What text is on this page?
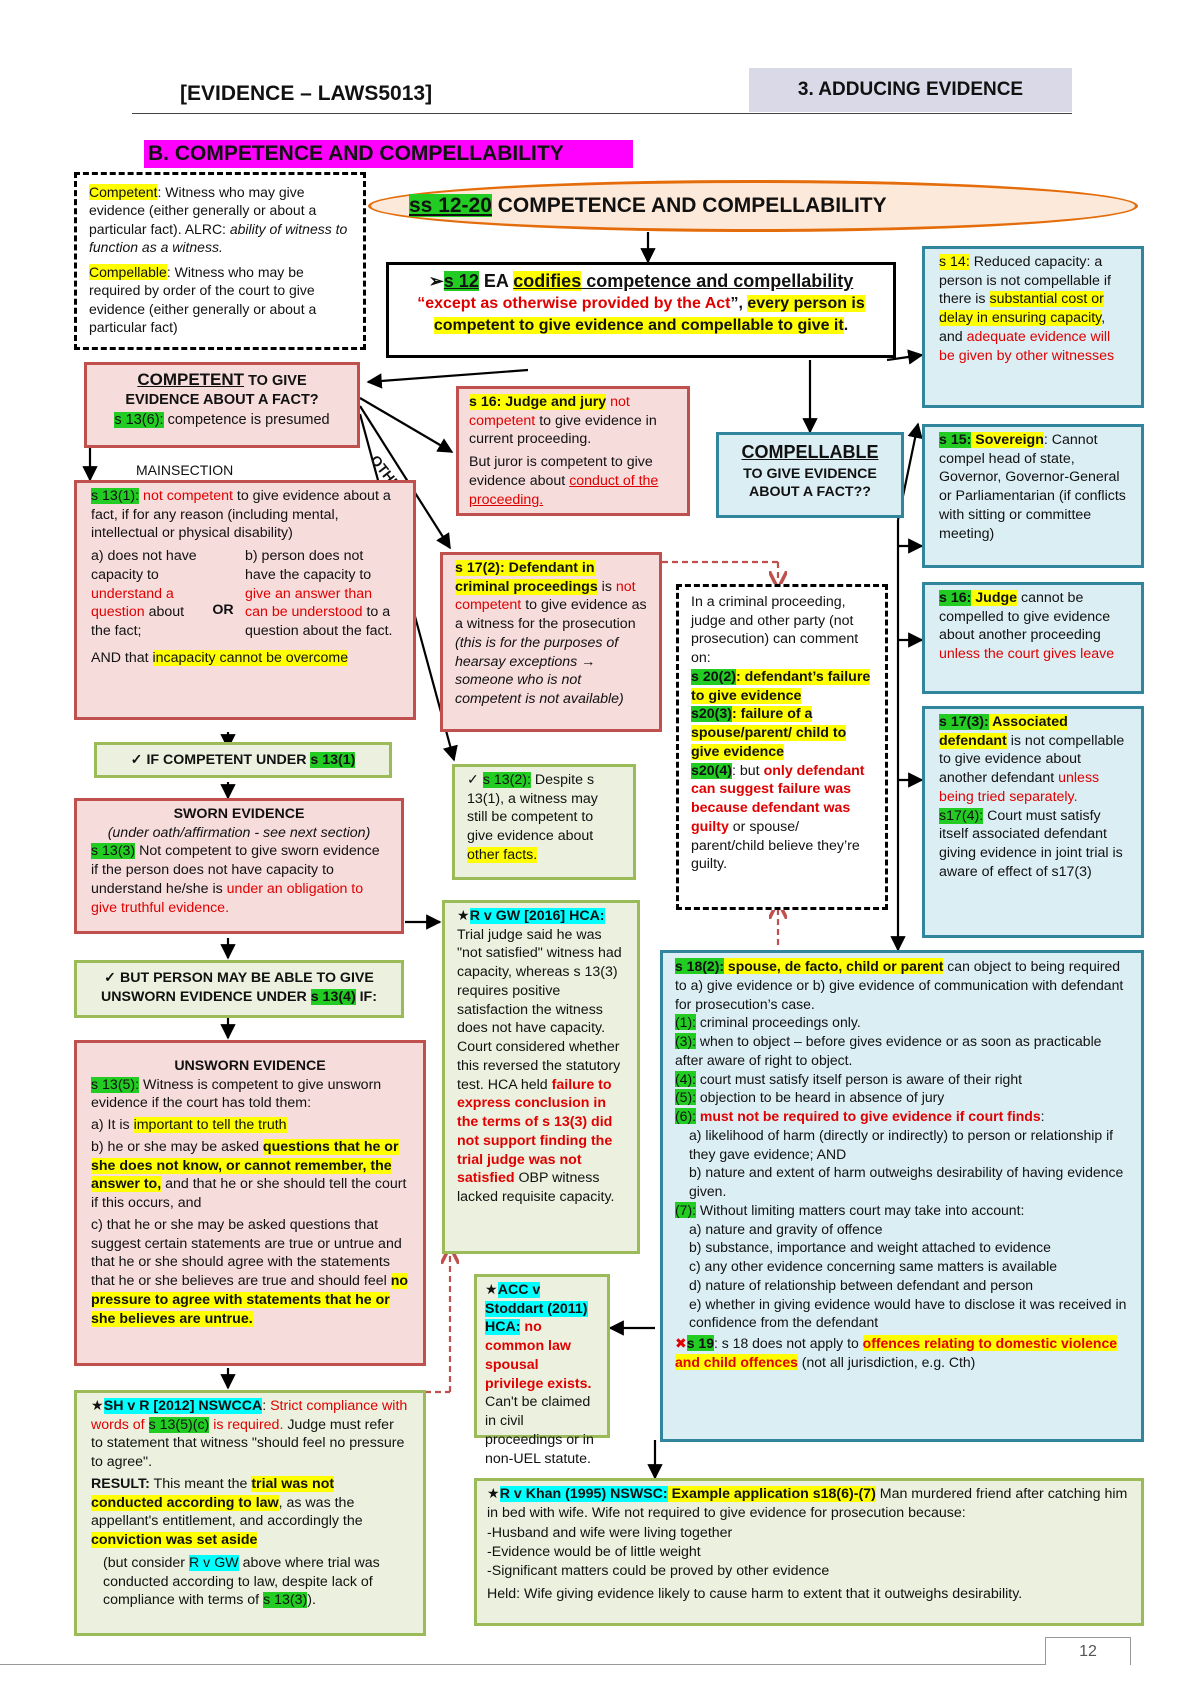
[EVIDENCE – LAWS5013]	3. ADDUCING EVIDENCE
B. COMPETENCE AND COMPELLABILITY

Competent: Witness who may give evidence (either generally or about a particular fact). ALRC: ability of witness to function as a witness.

Compellable: Witness who may be required by order of the court to give evidence (either generally or about a particular fact)

ss 12-20 COMPETENCE AND COMPELLABILITY

➢s 12 EA codifies competence and compellability

“except as otherwise provided by the Act”, every person is competent to give evidence and compellable to give it.

COMPETENT TO GIVE

EVIDENCE ABOUT A FACT?

s 13(6): competence is presumed

MAINSECTION

s 13(1): not competent to give evidence about a fact, if for any reason (including mental, intellectual or physical disability)

a) does not have capacity to understand a question about the fact;
OR
b) person does not have the capacity to give an answer than can be understood to a question about the fact.

AND that incapacity cannot be overcome

s 16: Judge and jury not competent to give evidence in current proceeding.

But juror is competent to give evidence about conduct of the proceeding.

s 17(2): Defendant in criminal proceedings is not competent to give evidence as a witness for the prosecution (this is for the purposes of hearsay exceptions → someone who is not competent is not available)

In a criminal proceeding, judge and other party (not prosecution) can comment on:

s 20(2): defendant’s failure to give evidence

s20(3): failure of a spouse/parent/ child to give evidence

s20(4): but only defendant can suggest failure was because defendant was guilty or spouse/ parent/child believe they’re guilty.

COMPELLABLE

TO GIVE EVIDENCE ABOUT A FACT??

s 14: Reduced capacity: a person is not compellable if there is substantial cost or delay in ensuring capacity, and adequate evidence will be given by other witnesses

s 15: Sovereign: Cannot compel head of state, Governor, Governor-General or Parliamentarian (if conflicts with sitting or committee meeting)

s 16: Judge cannot be compelled to give evidence about another proceeding unless the court gives leave

s 17(3): Associated defendant is not compellable to give evidence about another defendant unless being tried separately.

s17(4): Court must satisfy itself associated defendant giving evidence in joint trial is aware of effect of s17(3)

✓ IF COMPETENT UNDER s 13(1)

✓ s 13(2): Despite s 13(1), a witness may still be competent to give evidence about other facts.

SWORN EVIDENCE

(under oath/affirmation - see next section)

s 13(3) Not competent to give sworn evidence if the person does not have capacity to understand he/she is under an obligation to give truthful evidence.

★R v GW [2016] HCA: Trial judge said he was "not satisfied" witness had capacity, whereas s 13(3) requires positive satisfaction the witness does not have capacity. Court considered whether this reversed the statutory test. HCA held failure to express conclusion in the terms of s 13(3) did not support finding the trial judge was not satisfied OBP witness lacked requisite capacity.

✓ BUT PERSON MAY BE ABLE TO GIVE

UNSWORN EVIDENCE UNDER s 13(4) IF:

s 18(2): spouse, de facto, child or parent can object to being required to a) give evidence or b) give evidence of communication with defendant for prosecution’s case.

(1): criminal proceedings only.

(3): when to object – before gives evidence or as soon as practicable after aware of right to object.

(4): court must satisfy itself person is aware of their right

(5): objection to be heard in absence of jury

(6): must not be required to give evidence if court finds:

a) likelihood of harm (directly or indirectly) to person or relationship if they gave evidence; AND

b) nature and extent of harm outweighs desirability of having evidence given.

(7): Without limiting matters court may take into account:

a) nature and gravity of offence

b) substance, importance and weight attached to evidence

c) any other evidence concerning same matters is available

d) nature of relationship between defendant and person

e) whether in giving evidence would have to disclose it was received in confidence from the defendant

✖s 19: s 18 does not apply to offences relating to domestic violence and child offences (not all jurisdiction, e.g. Cth)

UNSWORN EVIDENCE

s 13(5): Witness is competent to give unsworn evidence if the court has told them:

a) It is important to tell the truth

b) he or she may be asked questions that he or she does not know, or cannot remember, the answer to, and that he or she should tell the court if this occurs, and

c) that he or she may be asked questions that suggest certain statements are true or untrue and that he or she should agree with the statements that he or she believes are true and should feel no pressure to agree with statements that he or she believes are untrue.

★ACC v Stoddart (2011) HCA: no common law spousal privilege exists. Can't be claimed in civil proceedings or in non-UEL statute.

★SH v R [2012] NSWCCA: Strict compliance with words of s 13(5)(c) is required. Judge must refer to statement that witness "should feel no pressure to agree".

RESULT: This meant the trial was not conducted according to law, as was the appellant's entitlement, and accordingly the conviction was set aside

(but consider R v GW above where trial was conducted according to law, despite lack of compliance with terms of s 13(3)).

★R v Khan (1995) NSWSC: Example application s18(6)-(7) Man murdered friend after catching him in bed with wife. Wife not required to give evidence for prosecution because:

-Husband and wife were living together

-Evidence would be of little weight

-Significant matters could be proved by other evidence

Held: Wife giving evidence likely to cause harm to extent that it outweighs desirability.

12
